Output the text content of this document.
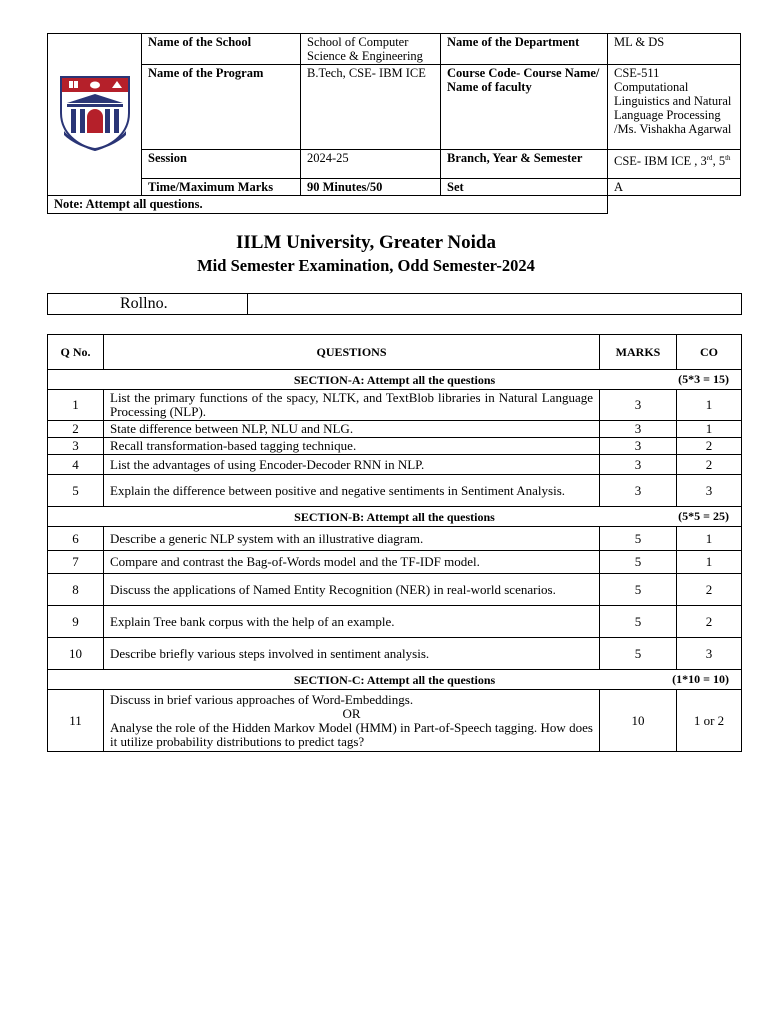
	Name of the School	School of Computer Science & Engineering	Name of the Department	ML & DS
	Name of the Program	B.Tech, CSE- IBM ICE	Course Code- Course Name/ Name of faculty	CSE-511 Computational Linguistics and Natural Language Processing /Ms. Vishakha Agarwal
	Session	2024-25	Branch, Year & Semester	CSE- IBM ICE , 3rd, 5th
	Time/Maximum Marks	90 Minutes/50	Set	A
Note: Attempt all questions.				
IILM University, Greater Noida
Mid Semester Examination, Odd Semester-2024
Rollno.	
Q No.	QUESTIONS	MARKS	CO
SECTION-A: Attempt all the questions (5*3 = 15)			

1	List the primary functions of the spacy, NLTK, and TextBlob libraries in Natural Language Processing (NLP).	3	1
2	State difference between NLP, NLU and NLG.	3	1
3	Recall transformation-based tagging technique.	3	2
4	List the advantages of using Encoder-Decoder RNN in NLP.	3	2
5	Explain the difference between positive and negative sentiments in Sentiment Analysis.	3	3
SECTION-B: Attempt all the questions (5*5 = 25)			

6	Describe a generic NLP system with an illustrative diagram.	5	1
7	Compare and contrast the Bag-of-Words model and the TF-IDF model.	5	1
8	Discuss the applications of Named Entity Recognition (NER) in real-world scenarios.	5	2
9	Explain Tree bank corpus with the help of an example.	5	2
10	Describe briefly various steps involved in sentiment analysis.	5	3
SECTION-C: Attempt all the questions (1*10 = 10)			

11	Discuss in brief various approaches of Word-Embeddings.
OR
Analyse the role of the Hidden Markov Model (HMM) in Part-of-Speech tagging. How does it utilize probability distributions to predict tags?	10	1 or 2
